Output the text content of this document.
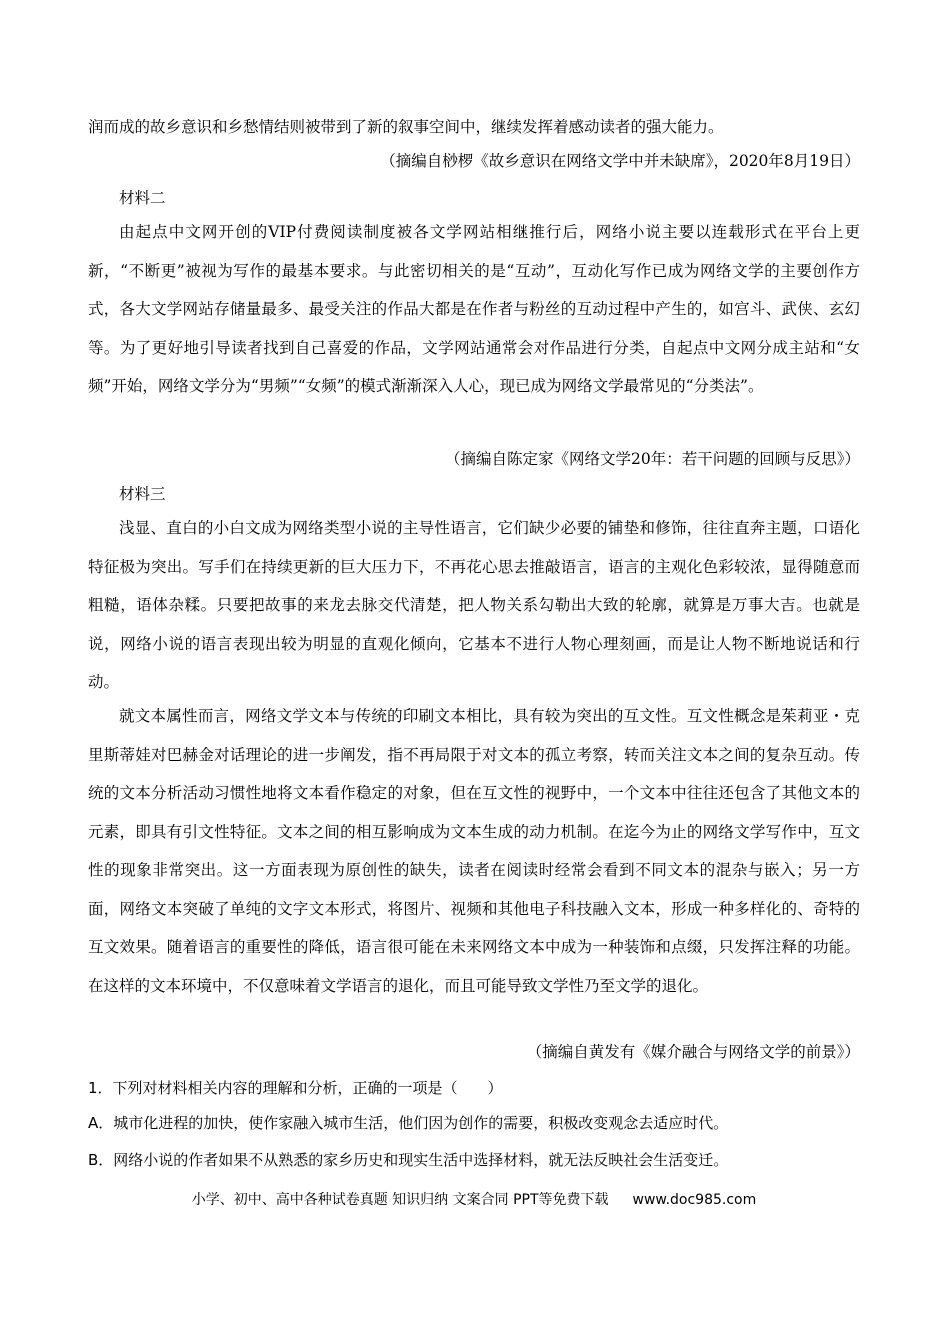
润而成的故乡意识和乡愁情结则被带到了新的叙事空间中，继续发挥着感动读者的强大能力。
（摘编自桫椤《故乡意识在网络文学中并未缺席》，2020年8月19日）
材料二
由起点中文网开创的VIP付费阅读制度被各文学网站相继推行后，网络小说主要以连载形式在平台上更新，“不断更”被视为写作的最基本要求。与此密切相关的是“互动”，互动化写作已成为网络文学的主要创作方式，各大文学网站存储量最多、最受关注的作品大都是在作者与粉丝的互动过程中产生的，如宫斗、武侠、玄幻等。为了更好地引导读者找到自己喜爱的作品，文学网站通常会对作品进行分类，自起点中文网分成主站和“女频”开始，网络文学分为“男频”“女频”的模式渐渐深入人心，现已成为网络文学最常见的“分类法”。
（摘编自陈定家《网络文学20年：若干问题的回顾与反思》）
材料三
浅显、直白的小白文成为网络类型小说的主导性语言，它们缺少必要的铺垫和修饰，往往直奔主题，口语化特征极为突出。写手们在持续更新的巨大压力下，不再花心思去推敲语言，语言的主观化色彩较浓，显得随意而粗糙，语体杂糅。只要把故事的来龙去脉交代清楚，把人物关系勾勒出大致的轮廓，就算是万事大吉。也就是说，网络小说的语言表现出较为明显的直观化倾向，它基本不进行人物心理刻画，而是让人物不断地说话和行动。
就文本属性而言，网络文学文本与传统的印刷文本相比，具有较为突出的互文性。互文性概念是茱莉亚・克里斯蒂娃对巴赫金对话理论的进一步阐发，指不再局限于对文本的孤立考察，转而关注文本之间的复杂互动。传统的文本分析活动习惯性地将文本看作稳定的对象，但在互文性的视野中，一个文本中往往还包含了其他文本的元素，即具有引文性特征。文本之间的相互影响成为文本生成的动力机制。在迄今为止的网络文学写作中，互文性的现象非常突出。这一方面表现为原创性的缺失，读者在阅读时经常会看到不同文本的混杂与嵌入；另一方面，网络文本突破了单纯的文字文本形式，将图片、视频和其他电子科技融入文本，形成一种多样化的、奇特的互文效果。随着语言的重要性的降低，语言很可能在未来网络文本中成为一种装饰和点缀，只发挥注释的功能。在这样的文本环境中，不仅意味着文学语言的退化，而且可能导致文学性乃至文学的退化。
（摘编自黄发有《媒介融合与网络文学的前景》）
1．下列对材料相关内容的理解和分析，正确的一项是（　　）
A．城市化进程的加快，使作家融入城市生活，他们因为创作的需要，积极改变观念去适应时代。
B．网络小说的作者如果不从熟悉的家乡历史和现实生活中选择材料，就无法反映社会生活变迁。
小学、初中、高中各种试卷真题 知识归纳 文案合同 PPT等免费下载 www.doc985.com
